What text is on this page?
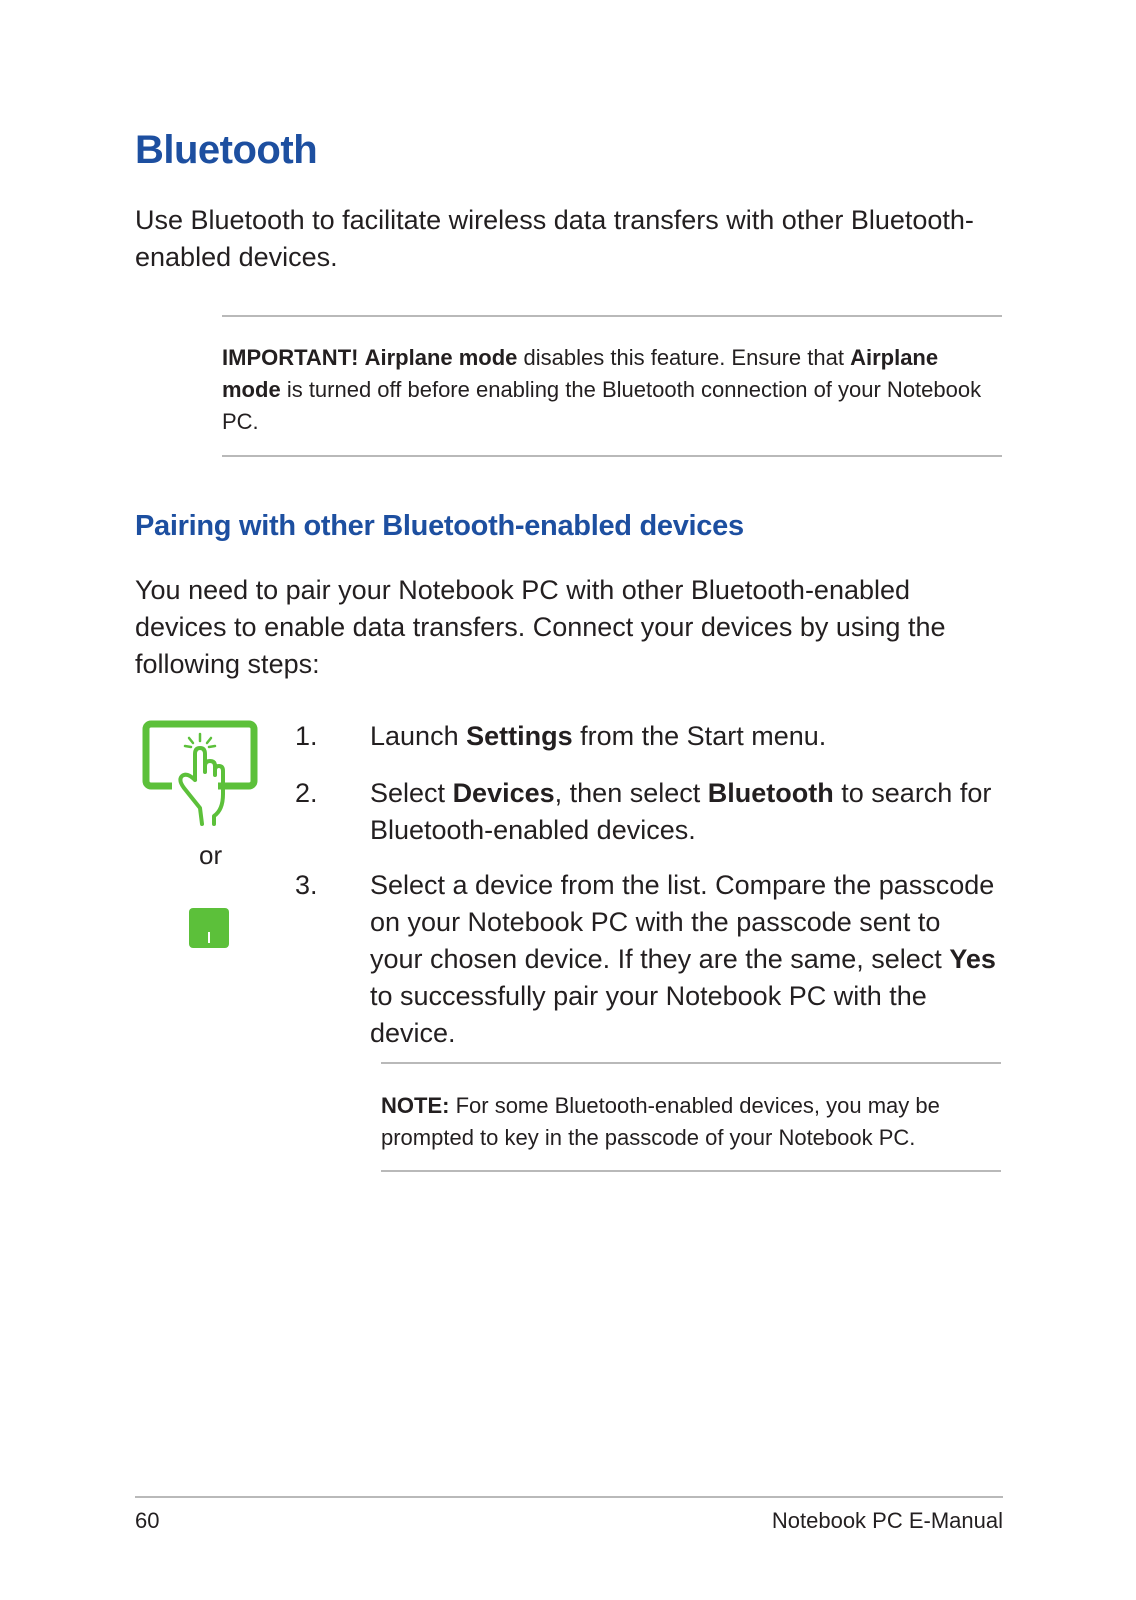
Bluetooth

Use Bluetooth to facilitate wireless data transfers with other Bluetooth-enabled devices.

IMPORTANT! Airplane mode disables this feature. Ensure that Airplane mode is turned off before enabling the Bluetooth connection of your Notebook PC.

Pairing with other Bluetooth-enabled devices

You need to pair your Notebook PC with other Bluetooth-enabled devices to enable data transfers. Connect your devices by using the following steps:

or
1. Launch Settings from the Start menu.

2. Select Devices, then select Bluetooth to search for Bluetooth-enabled devices.

3. Select a device from the list. Compare the passcode on your Notebook PC with the passcode sent to your chosen device. If they are the same, select Yes to successfully pair your Notebook PC with the device.

NOTE: For some Bluetooth-enabled devices, you may be prompted to key in the passcode of your Notebook PC.

60	Notebook PC E-Manual
